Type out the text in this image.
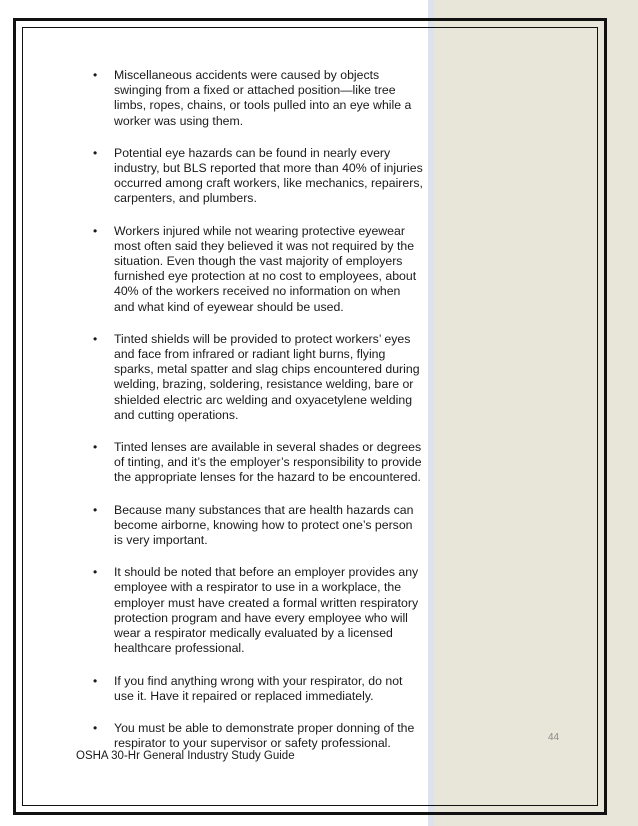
• Miscellaneous accidents were caused by objects swinging from a fixed or attached position—like tree limbs, ropes, chains, or tools pulled into an eye while a worker was using them.
• Potential eye hazards can be found in nearly every industry, but BLS reported that more than 40% of injuries occurred among craft workers, like mechanics, repairers, carpenters, and plumbers.
• Workers injured while not wearing protective eyewear most often said they believed it was not required by the situation. Even though the vast majority of employers furnished eye protection at no cost to employees, about 40% of the workers received no information on when and what kind of eyewear should be used.
• Tinted shields will be provided to protect workers’ eyes and face from infrared or radiant light burns, flying sparks, metal spatter and slag chips encountered during welding, brazing, soldering, resistance welding, bare or shielded electric arc welding and oxyacetylene welding and cutting operations.
• Tinted lenses are available in several shades or degrees of tinting, and it’s the employer’s responsibility to provide the appropriate lenses for the hazard to be encountered.
• Because many substances that are health hazards can become airborne, knowing how to protect one’s person is very important.
• It should be noted that before an employer provides any employee with a respirator to use in a workplace, the employer must have created a formal written respiratory protection program and have every employee who will wear a respirator medically evaluated by a licensed healthcare professional.
• If you find anything wrong with your respirator, do not use it. Have it repaired or replaced immediately.
• You must be able to demonstrate proper donning of the respirator to your supervisor or safety professional.	44
OSHA 30-Hr General Industry Study Guide
